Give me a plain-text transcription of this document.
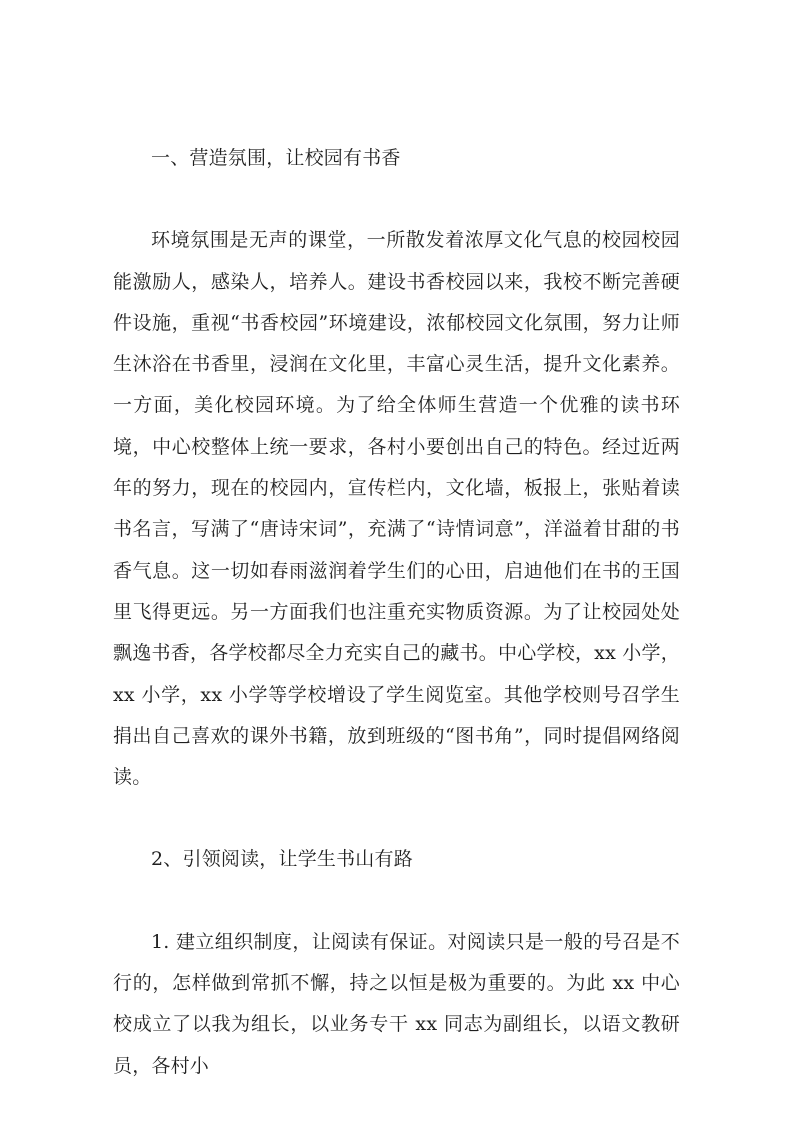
一、营造氛围，让校园有书香

环境氛围是无声的课堂，一所散发着浓厚文化气息的校园校园能激励人，感染人，培养人。建设书香校园以来，我校不断完善硬件设施，重视“书香校园”环境建设，浓郁校园文化氛围，努力让师生沐浴在书香里，浸润在文化里，丰富心灵生活，提升文化素养。一方面，美化校园环境。为了给全体师生营造一个优雅的读书环境，中心校整体上统一要求，各村小要创出自己的特色。经过近两年的努力，现在的校园内，宣传栏内，文化墙，板报上，张贴着读书名言，写满了“唐诗宋词”，充满了“诗情词意”，洋溢着甘甜的书香气息。这一切如春雨滋润着学生们的心田，启迪他们在书的王国里飞得更远。另一方面我们也注重充实物质资源。为了让校园处处飘逸书香，各学校都尽全力充实自己的藏书。中心学校，xx 小学，xx 小学，xx 小学等学校增设了学生阅览室。其他学校则号召学生捐出自己喜欢的课外书籍，放到班级的“图书角”，同时提倡网络阅读。

2、引领阅读，让学生书山有路

1. 建立组织制度，让阅读有保证。对阅读只是一般的号召是不行的，怎样做到常抓不懈，持之以恒是极为重要的。为此 xx 中心校成立了以我为组长，以业务专干 xx 同志为副组长，以语文教研员，各村小
